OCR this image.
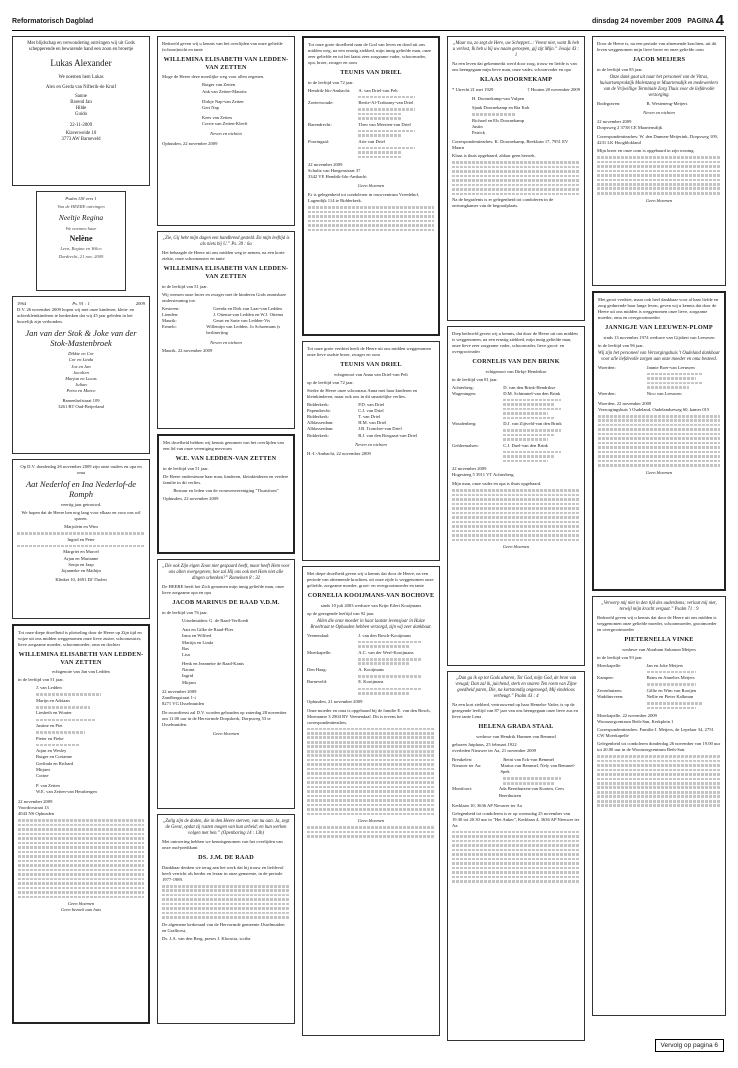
Reformatorisch Dagblad	dinsdag 24 november 2009 PAGINA 4

Met blijdschap en verwondering ontvingen wij uit Gods schepperende en bewarende hand een zoon en broertje

Lukas Alexander

We noemen hem Lukas

Alex en Gerda van Nifterik-de Kruif

Sanne
Barend Jan
Hilde
Guido

22-11-2009

Klaverweide 10
3773 AW Barneveld

Psalm 118 vers 1

Van de HEERE ontvingen

Neeltje Regina

We noemen haar

Nelène

Leen, Regina en Wilco

Dordrecht, 21 nov. 2009

1964	Ps. 91 : 1	2009

D.V. 26 november 2009 hopen wij met onze kinderen, klein- en achterkleinkinderen te herdenken dat wij 45 jaar geleden in het huwelijk zijn verbonden.

Jan van der Stok & Joke van der Stok-Mastenbroek
Dikkie en Cor
Cor en Linda
Jos en Jan
Jacolien
Marjan en Lucas
Julian
Petra en Marco
Ramenhofstraat 109
3261 BT Oud-Beijerland

Op D.V. donderdag 26 november 2009 zijn onze ouders en opa en oma

Aat Nederlof en Ina Nederlof-de Romph

veertig jaar getrouwd.

We hopen dat de Heere hen nog lang voor elkaar en voor ons wil sparen.

Marjolein en Wim
Ingrid en Peter
Margriet en Marcel
Arjan en Marianne
Sonja en Jaap
Jojanneke en Mathijn
Klinket 10, 4691 DJ Tholen

Tot onze diepe droefheid is plotseling door de Heere op Zijn tijd en wijze uit ons midden weggenomen onze lieve zuster, schoonzuster, lieve zorgzame moeder, schoonmoeder, oma en dochter

WILLEMINA ELISABETH VAN LEDDEN-VAN ZETTEN

echtgenote van Jan van Ledden

in de leeftijd van 51 jaar.

J. van Ledden
Marijn en Adriaan
Liesbeth en Wouter
Justine en Piet
Pieter en Fieke
Arjan en Wesley
Rutger en Corianne
Gerlinda en Richard
Mirjam
Corine
P. van Zetten
W.E. van Zetten-van Heusbergen
22 november 2009
Voordorstraat 13
4043 NS Ophusden
Geen bloemen
Geen bezoek aan huis

Bedroefd geven wij u kennis van het overlijden van onze geliefde (schoon)nicht en tante

WILLEMINA ELISABETH VAN LEDDEN-VAN ZETTEN

Moge de Heere deze moeilijke weg voor allen zegenen.

Rutger van Zetten
Ank van Zetten-Mauritz
Dirkje Nap-van Zetten
Gert Nap
Kees van Zetten
Corrie van Zetten-Kleeft
Neven en nichten
Ophusden, 22 november 2009

„Zie, Gij hebt mijn dagen een handbreed gesteld. En mijn leeftijd is als niets bij U.” Ps. 39 : 6a

Het behaagde de Heere uit ons midden weg te nemen, na een korte ziekte, onze schoonzuster en tante

WILLEMINA ELISABETH VAN LEDDEN-VAN ZETTEN

in de leeftijd van 51 jaar.

Wij wensen onze broer en zwager met de kinderen Gods onmisbare ondersteuning toe.

Kesteren:	Geerda en Dirk van Laar-van Ledden
Lienden:	J. Ottema-van Ledden en W.J. Ottema
Maurik:	Geurt en Sarie van Ledden-Vis
Ermelo:	Willemijn van Ledden, Jo Schoemans (s berliner)ing
Neven en nichten
Maurik, 22 november 2009

Met droefheid hebben wij kennis genomen van het overlijden van een lid van onze vereniging mevrouw

W.E. VAN LEDDEN-VAN ZETTEN

in de leeftijd van 51 jaar.

De Heere ondersteune haar man, kinderen, kleinkinderen en verdere familie in dit verlies.

Bestuur en leden van de vrouwenvereniging "Thuisfront"

Ophusden, 22 november 2009

„Die ook Zijn eigen Zoon niet gespaard heeft, maar heeft Hem voor ons allen overgegeven, hoe zal Hij ons ook met Hem niet alle dingen schenken?” Romeinen 8 : 32

De HEERE heeft het Zich genomen mijn innig geliefde man, onze lieve zorgzame opa en opa

JACOB MARINUS DE RAAD V.D.M.

in de leeftijd van 76 jaar.

Uitselmuiden: G. de Raad-Verfloedt
Aart en Gilke de Raad-Flier
Irma en Wilfred
Martijn en Linda
Bas
Lisa
Henk en Jeannette de Raad-Kanis
Naomi
Ingrid
Mirjam
22 november 2009
Zandbergstraat 1-i
8271 VG IJsselmuiden

De rouwdienst zal D.V. worden gehouden op zaterdag 28 november om 11.00 uur in de Hervormde Dorpskerk, Dorpsweg 53 te IJsselmuiden.

Geen bloemen

„Zalig zijn de doden, die in den Heere sterven, van nu aan. Ja, zegt de Geest, opdat zij rusten mogen van hun arbeid; en hun werken volgen met hen.” (Openbaring 14 : 13b)

Met ontroering hebben we kennisgenomen van het overlijden van onze oud-predikant

DS. J.M. DE RAAD

Dankbaar denken we terug aan het werk dat hij trouw en liefdevol heeft verricht als herder en leraar in onze gemeente, in de periode 1977-1989.

De algemene kerkeraad van de Hervormde gemeente IJsselmuiden en Grafhorst,

Ds. J.A. van den Berg, preses J. Kloostra, scriba

Tot onze grote droefheid nam de God van leven en dood uit ons midden weg, na een ernstig ziekbed, mijn innig geliefde man, onze zeer geliefde en tot het laatst zeer zorgzame vader, schoonvader, opa, broer, zwager en oom

TEUNIS VAN DRIEL

in de leeftijd van 72 jaar.

Hendrik-Ido-Ambacht:	A. van Driel-van Pelt
Zoeterwoude:	Bertie-Al-Traboany-van Driel
Barendrecht:	Theo van Meerten-van Driel
Poortugaal:	Arie van Driel
22 november 2009
Schultz van Haegenstraat 37
3342 VE Hendrik-Ido-Ambacht
Geen bloemen

Er is gelegenheid tot condoleren in rouwcentrum Vreedehof, Lagendijk 114 te Ridderkerk.

Tot onze grote verdriet heeft de Heere uit ons midden weggenomen onze lieve oudste broer, zwager en oom

TEUNIS VAN DRIEL

echtgenoot van Anna van Driel-van Pelt

op de leeftijd van 72 jaar.

Sterke de Heere onze schoonzus Anna met haar kinderen en kleinkinderen, maar ook ons in dit smartelijke verlies.

Ridderkerk:	P.D. van Driel
Papendrecht:	C.J. van Driel
Ridderkerk:	T. van Driel
Alblasserdam:	H.M. van Driel
Alblasserdam:	J.B. Troncher-van Driel
Ridderkerk:	B.J. van den Bosgaart-van Driel
Neven en nichten
H.-I.-Ambacht, 22 november 2009

Met diepe droefheid geven wij u kennis dat door de Heere, na een periode van afnemende krachten, uit onze zijde is weggenomen onze geliefde, zorgzame moeder, groot- en overgrootmoeder en tante

CORNELIA KOOIJMANS-VAN BOCHOVE

sinds 10 juli 2003 weduwe van Krijn Eilert Kooijmans

op de gezegende leeftijd van 92 jaar.

Allen die onze moeder in haar laatste levensjaar in Huize Broeltraat te Ophusden hebben verzorgd, zijn wij zeer dankbaar.

Veenendaal:	J. van den Bosch-Kooijmans
Moerkapelle:	A.C. van der Werf-Kooijmans
Den Haag:	A. Kooijmans
Barneveld:	E. Kooijmans
Ophusden, 21 november 2009

Onze moeder en oma is opgebaard bij de familie E. van den Bosch, Moeraanse 3 2904 BV Veenendaal. Dit is tevens het correspondentieadres.

Geen bloemen

„Maar nu, zo zegt de Here, uw Schepper...: Vreest niet, want Ik heb u verlost, Ik heb u bij uw naam geroepen, gij zijt Mijn.” Jesaja 43 : 1

Na een leven dat gekenmerkt werd door zorg, trouw en liefde is van ons heengegaan mijn lieve man, onze vader, schoonvader en opa

KLAAS DOORNEKAMP
* Utrecht 21 mei 1929	† Houten 20 november 2009
H. Doornekamp-van Vulpen
Sjaak Doornekamp en Ria Kok
Richard en Els Doornekamp
Justin
Patrick

Correspondentieadres: K. Doornekamp, Beekloan 17, 7951 EV Maarn

Klaas is thuis opgebaard, aldaar geen bezoek.

Na de begrafenis is er gelegenheid tot condoleren in de ontvangkamer van de begraafplaats.

Diep bedroefd geven wij u kennis, dat door de Heere uit ons midden is weggenomen, na een ernstig ziekbed, mijn innig geliefde man, onze lieve zeer zorgzame vader, schoonvader, lieve groot- en overgrootvader

CORNELIS VAN DEN BRINK

echtgenoot van Dirkje Hendrikse

in de leeftijd van 81 jaar.

Achterberg:	D. van den Brink-Hendrikse
Wageningen:	D.M. Schimmel-van den Brink
Woudenberg:	D.J. van Zijtveld-van den Brink
Geldermalsen:	C.J. Duel-van den Brink
22 november 2009
Hogesteeg 5 3911 VT Achterberg

Mijn man, onze vader en opa is thuis opgebaard.

Geen bloemen

„Dan ga ik op tot Gods altaren, Tot God, mijn God, de bron van vreugd; Dan zal ik, juichend, sterk en snaren Ten roem van Zijne goedheid paren, Die, na kortstondig ongenoegd, Mij eindeloos verheugt.” Psalm 43 : 4

Na een kort ziekbed, vertrouwend op haar Hemelse Vader, is op de gezegende leeftijd van 87 jaar van ons heengegaan onze lieve zus en lieve tante Lena

HELENA GRADA STAAL

weduwe van Hendrik Harmen van Bemmel

geboren Jutphaas, 25 februari 1922
overleden Nieuwer ter Aa, 21 november 2009
Breukelen:	Reini van Eck-van Bemmel
Nieuwer ter Aa:	Marius van Bemmel, Nely van Bemmel-Spek
Montfoort:	Ada Beerthuizen-van Kooten, Cees Beerthuizen

Kerklaan 10, 3636 AP Nieuwer ter Aa

Gelegenheid tot condoleren is er op woensdag 25 november van 19.30 tot 20.30 uur in "Het Anker", Kerklaan 4, 3636 AP Nieuwer ter Aa.

Door de Heere is, na een periode van afnemende krachten, uit dit leven weggenomen mijn lieve broer en onze geliefde oom

JACOB MEIJERS

in de leeftijd van 85 jaar.

Onze dank gaat uit naar het personeel van de Vitras, huisartsenpraktijk Molenzang te Maartensdijk en medewerkers van de Vrijwillige Terminale Zorg Thuis voor de liefdevolle verzorging.

Bodegraven:	R. Westeneng-Meijers
Neven en nichten
22 november 2009
Dorpsweg 2 3738 CE Maartensdijk

Correspondentieadres: W. den Dunnen-Meijerink, Dorpsweg 109, 4231 LK Hoogblokland

Mijn broer en onze oom is opgebaard in zijn woning.

Geen bloemen

Met groot verdriet, maar ook heel dankbaar voor al haar liefde en zorg gedurende haar lange leven, geven wij u kennis dat door de Heere uit ons midden is weggenomen onze lieve, zorgzame moeder, oma en overgrootmoeder

JANNIGJE VAN LEEUWEN-PLOMP

sinds 13 november 1974 weduwe van Gijsbert van Leeuwen

in de leeftijd van 96 jaar.

Wij zijn het personeel van Verzorgingshuis 't Oudeland dankbaar voor alle liefdevolle zorgen aan onze moeder en oma besteed.

Woerden:	Jannie Boer-van Leeuwen
Woerden:	Nico van Leeuwen
Woerden, 22 november 2009

Verzorgingshuis 't Oudeland, Oudelandseweg 60, kamer 015

Geen bloemen

„Verwerp mij niet in den tijd des ouderdoms; verlaat mij niet, terwijl mijn kracht vergaat.” Psalm 71 : 9

Bedroefd geven wij u kennis dat door de Heere uit ons midden is weggenomen onze geliefde moeder, schoonmoeder, grootmoeder en overgrootmoeder

PIETERNELLA VINKE

weduwe van Abraham Salomon Meijers

in de leeftijd van 93 jaar.

Moerkapelle:	Jan en Joke Meijers
Kampen:	Bram en Annelies Meijers
Zevenhuizen:	Gillie en Wim van Rooijen
Waddinxveen:	Nellie en Pieter Kalkman
Moerkapelle, 22 november 2009

Woonzorgcentrum Beth-San, Kerkplein 1

Correspondentieadres: Familie J. Meijers, de Lepelaar 34, 2751 CW Moerkapelle

Gelegenheid tot condoleren donderdag 26 november van 19.00 uur tot 20.00 uur in de Woonzorgcentrum Beth-San.

Vervolg op pagina 6
